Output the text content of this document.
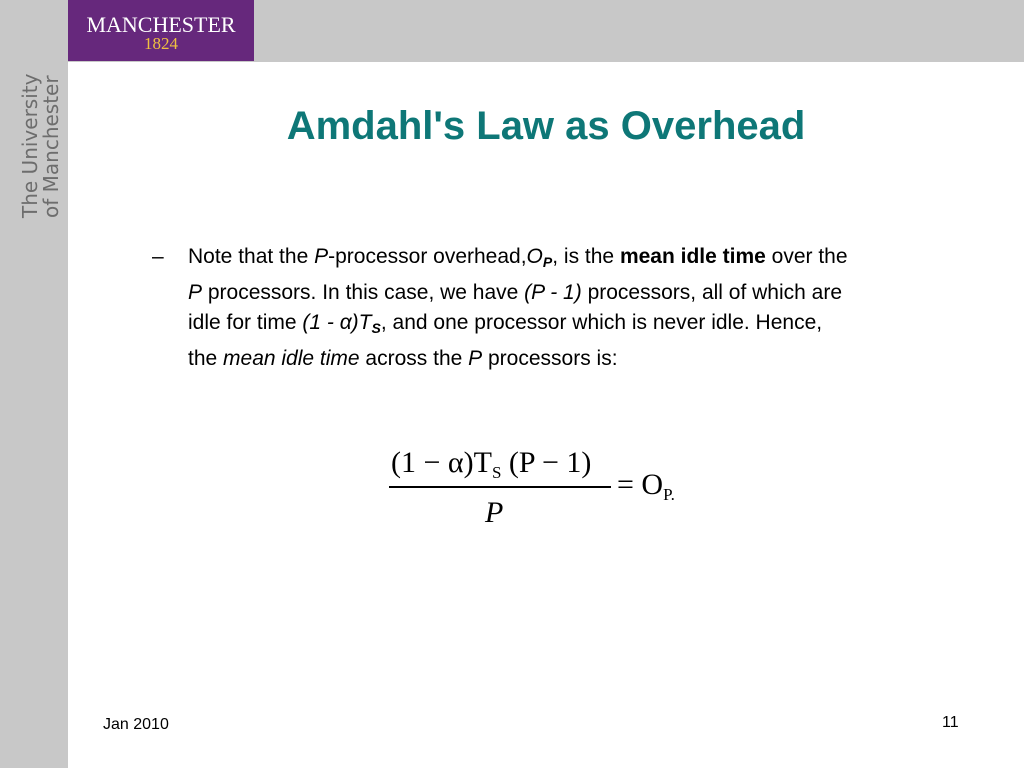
MANCHESTER
1824
The University
of Manchester	Amdahl's Law as Overhead
– Note that the P-processor overhead,OP, is the mean idle time over the P processors. In this case, we have (P - 1) processors, all of which are idle for time (1 - α)TS, and one processor which is never idle. Hence, the mean idle time across the P processors is:
$(1 - \alpha)T_S$ (P − 1)
P
= $O_{P.}$
Jan 2010	11
